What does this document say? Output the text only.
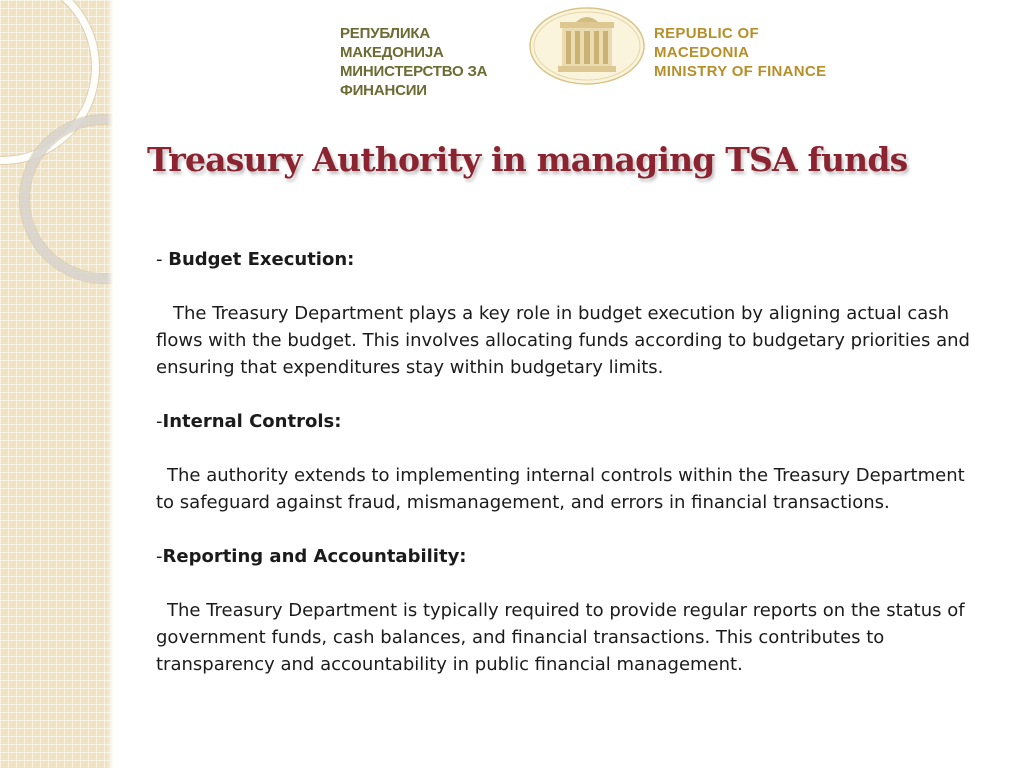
РЕПУБЛИКА МАКЕДОНИЈА
МИНИСТЕРСТВО ЗА ФИНАНСИИ
REPUBLIC OF MACEDONIA
MINISTRY OF FINANCE
Treasury Authority in managing TSA funds

- Budget Execution:

The Treasury Department plays a key role in budget execution by aligning actual cash flows with the budget. This involves allocating funds according to budgetary priorities and ensuring that expenditures stay within budgetary limits.

-Internal Controls:

The authority extends to implementing internal controls within the Treasury Department to safeguard against fraud, mismanagement, and errors in financial transactions.

-Reporting and Accountability:

The Treasury Department is typically required to provide regular reports on the status of government funds, cash balances, and financial transactions. This contributes to transparency and accountability in public financial management.
